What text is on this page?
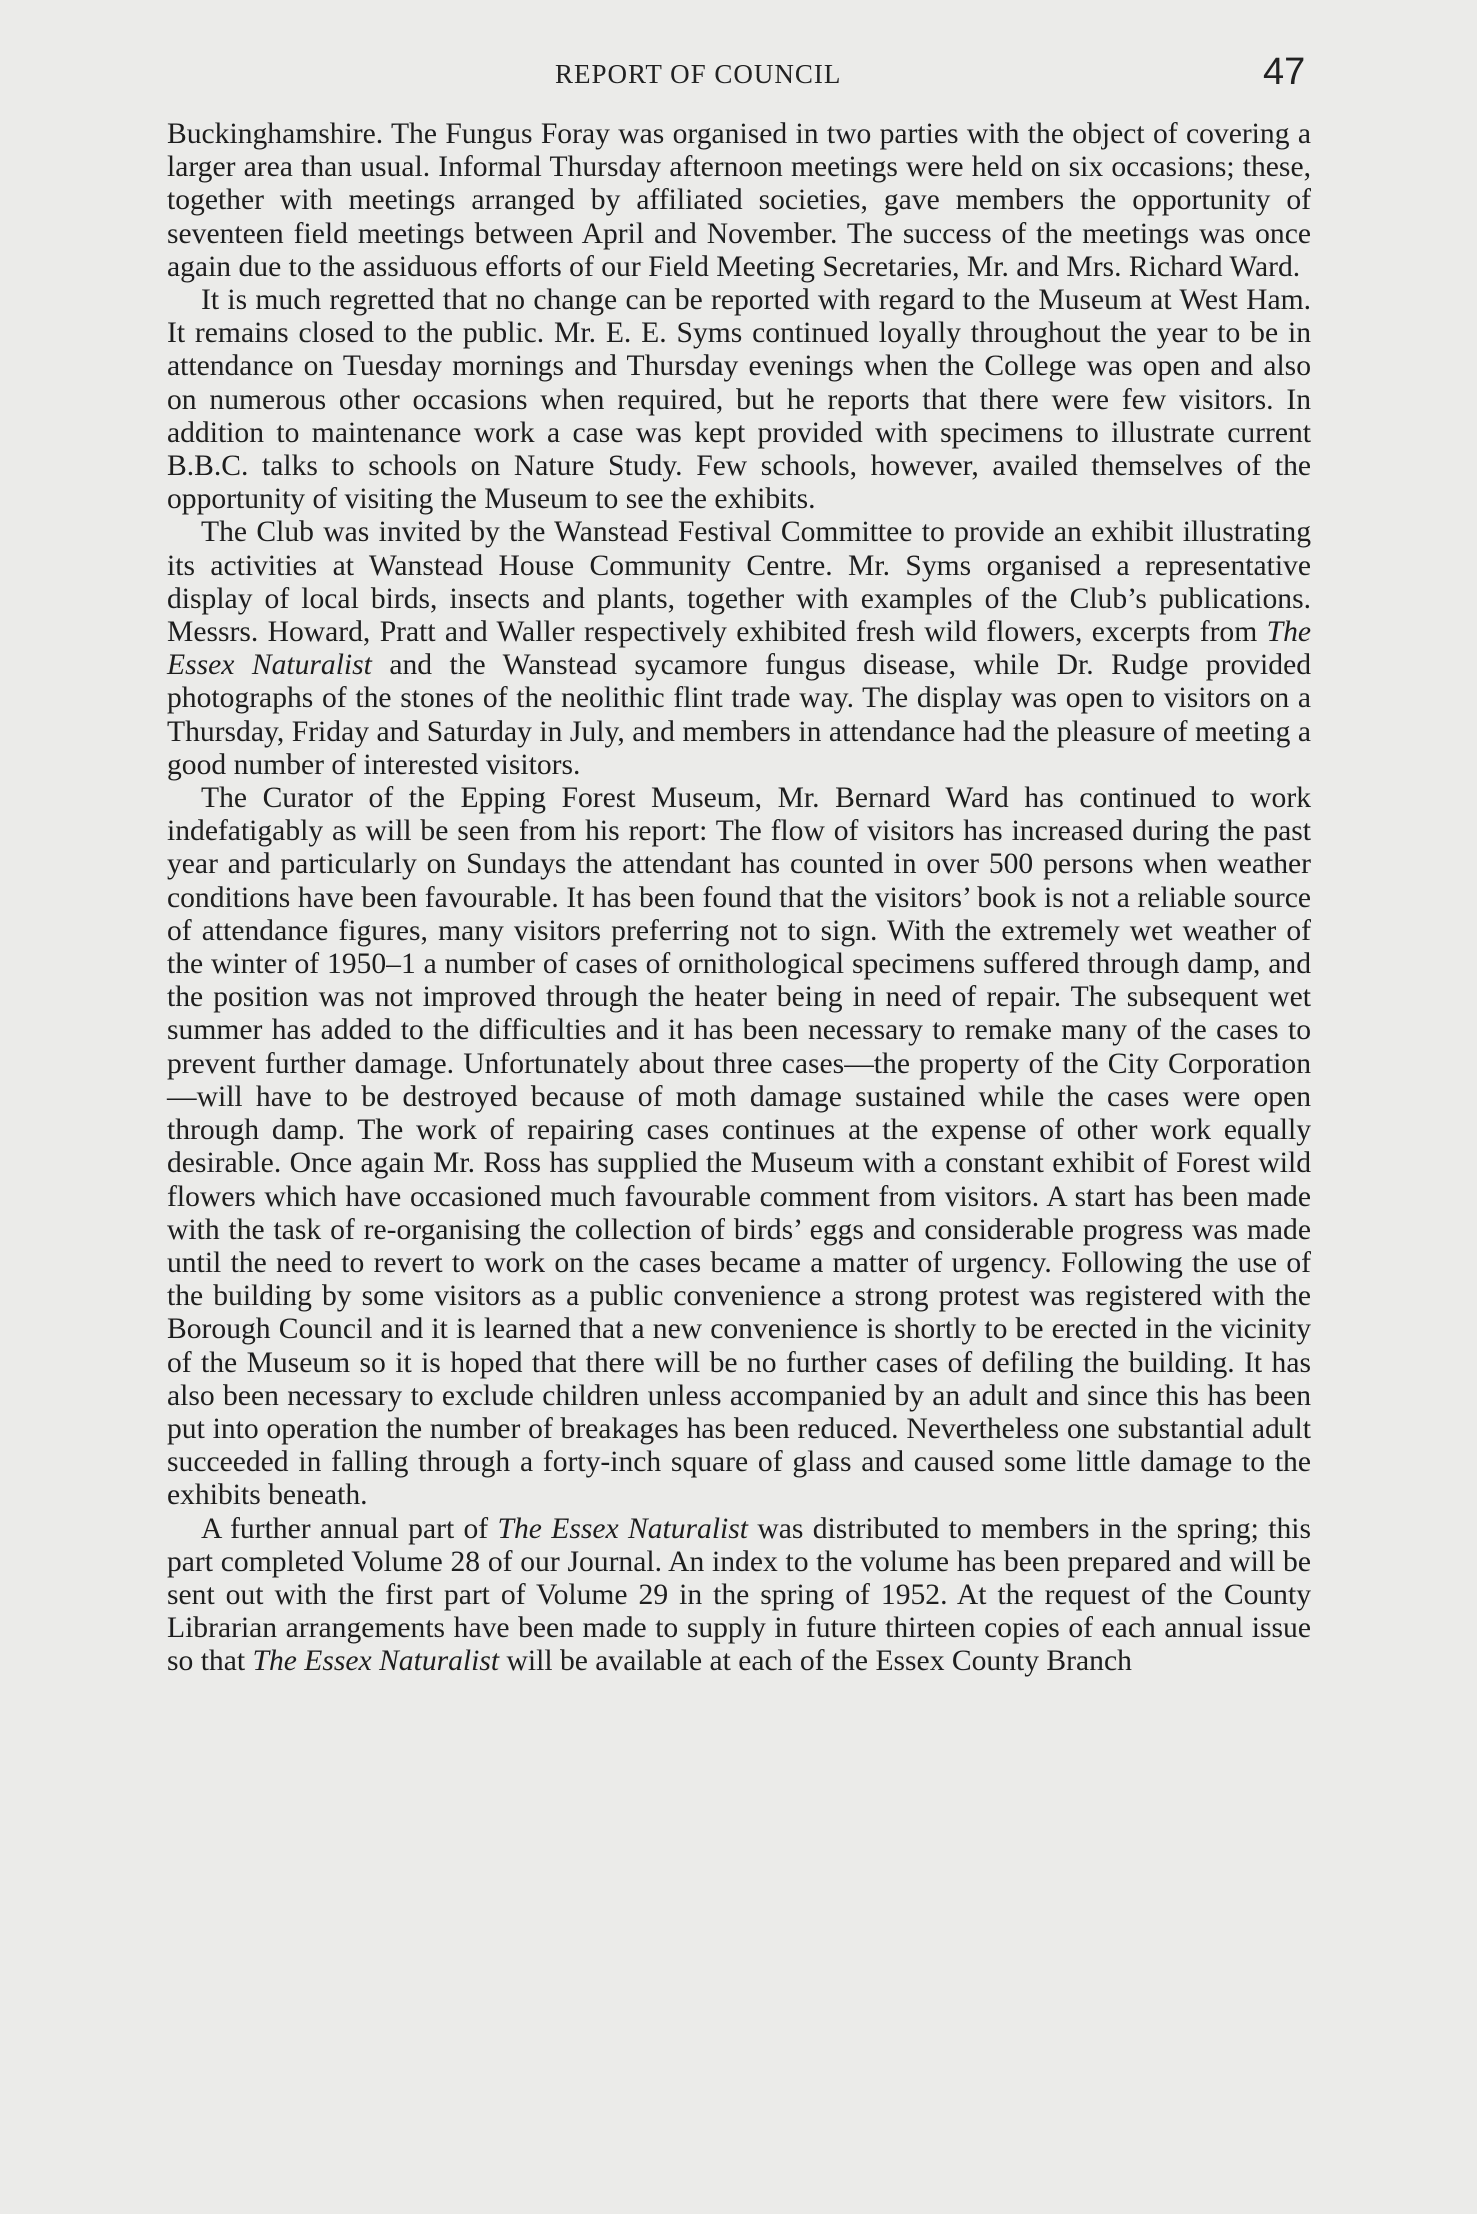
REPORT OF COUNCIL	47

Buckinghamshire. The Fungus Foray was organised in two parties with the object of covering a larger area than usual. Informal Thursday afternoon meetings were held on six occasions; these, together with meetings arranged by affiliated societies, gave members the opportunity of seventeen field meetings between April and November. The success of the meetings was once again due to the assiduous efforts of our Field Meeting Secretaries, Mr. and Mrs. Richard Ward.

It is much regretted that no change can be reported with regard to the Museum at West Ham. It remains closed to the public. Mr. E. E. Syms continued loyally throughout the year to be in attendance on Tuesday mornings and Thursday evenings when the College was open and also on numerous other occasions when required, but he reports that there were few visitors. In addition to maintenance work a case was kept provided with specimens to illustrate current B.B.C. talks to schools on Nature Study. Few schools, however, availed themselves of the opportunity of visiting the Museum to see the exhibits.

The Club was invited by the Wanstead Festival Committee to provide an exhibit illustrating its activities at Wanstead House Community Centre. Mr. Syms organised a representative display of local birds, insects and plants, together with examples of the Club’s publications. Messrs. Howard, Pratt and Waller respectively exhibited fresh wild flowers, excerpts from The Essex Naturalist and the Wanstead sycamore fungus disease, while Dr. Rudge provided photographs of the stones of the neolithic flint trade way. The display was open to visitors on a Thursday, Friday and Saturday in July, and members in attendance had the pleasure of meeting a good number of interested visitors.

The Curator of the Epping Forest Museum, Mr. Bernard Ward has continued to work indefatigably as will be seen from his report: The flow of visitors has increased during the past year and particularly on Sundays the attendant has counted in over 500 persons when weather conditions have been favourable. It has been found that the visitors’ book is not a reliable source of attendance figures, many visitors preferring not to sign. With the extremely wet weather of the winter of 1950–1 a number of cases of ornithological specimens suffered through damp, and the position was not improved through the heater being in need of repair. The subsequent wet summer has added to the difficulties and it has been necessary to remake many of the cases to prevent further damage. Unfortunately about three cases—the property of the City Corporation—will have to be destroyed because of moth damage sustained while the cases were open through damp. The work of repairing cases continues at the expense of other work equally desirable. Once again Mr. Ross has supplied the Museum with a constant exhibit of Forest wild flowers which have occasioned much favourable comment from visitors. A start has been made with the task of re-organising the collection of birds’ eggs and considerable progress was made until the need to revert to work on the cases became a matter of urgency. Following the use of the building by some visitors as a public convenience a strong protest was registered with the Borough Council and it is learned that a new convenience is shortly to be erected in the vicinity of the Museum so it is hoped that there will be no further cases of defiling the building. It has also been necessary to exclude children unless accompanied by an adult and since this has been put into operation the number of breakages has been reduced. Nevertheless one substantial adult succeeded in falling through a forty-inch square of glass and caused some little damage to the exhibits beneath.

A further annual part of The Essex Naturalist was distributed to members in the spring; this part completed Volume 28 of our Journal. An index to the volume has been prepared and will be sent out with the first part of Volume 29 in the spring of 1952. At the request of the County Librarian arrangements have been made to supply in future thirteen copies of each annual issue so that The Essex Naturalist will be available at each of the Essex County Branch
